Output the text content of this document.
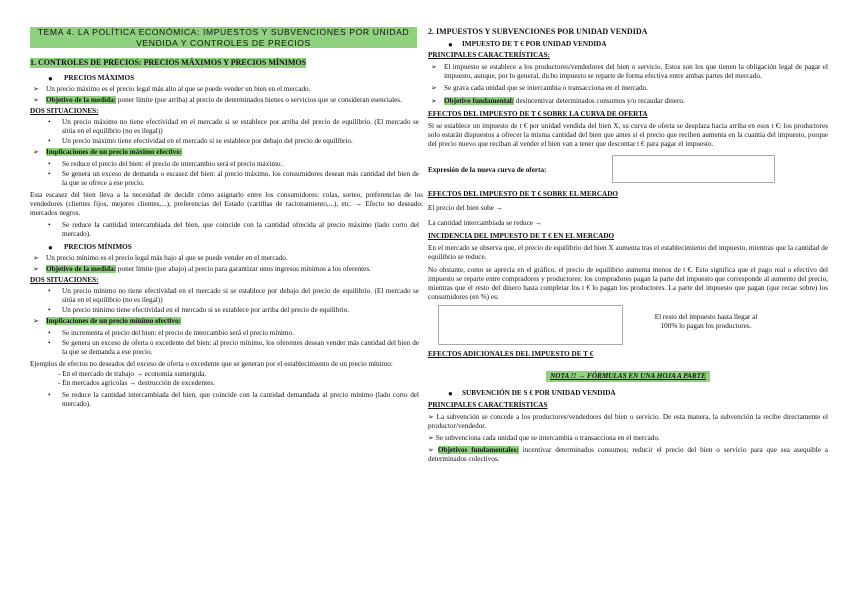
TEMA 4. LA POLÍTICA ECONÓMICA: IMPUESTOS Y SUBVENCIONES POR UNIDAD VENDIDA Y CONTROLES DE PRECIOS
1. CONTROLES DE PRECIOS: PRECIOS MÁXIMOS Y PRECIOS MÍNIMOS
● PRECIOS MÁXIMOS
➢ Un precio máximo es el precio legal más alto al que se puede vender un bien en el mercado.
➢ Objetivo de la medida: poner límite (por arriba) al precio de determinados bienes o servicios que se consideran esenciales.
DOS SITUACIONES:
• Un precio máximo no tiene efectividad en el mercado si se establece por arriba del precio de equilibrio. (El mercado se sitúa en el equilibrio (no es ilegal))
• Un precio máximo tiene efectividad en el mercado si se establece por debajo del precio de equilibrio.
➢ Implicaciones de un precio máximo efectivo:
• Se reduce el precio del bien: el precio de intercambio será el precio máximo.
• Se genera un exceso de demanda o escasez del bien: al precio máximo, los consumidores desean más cantidad del bien de la que se ofrece a ese precio.
Esta escasez del bien lleva a la necesidad de decidir cómo asignarlo entre los consumidores: colas, sorteo, preferencias de los vendedores (clientes fijos, mejores clientes,...), preferencias del Estado (cartillas de racionamiento,...), etc. → Efecto no deseado: mercados negros.
• Se reduce la cantidad intercambiada del bien, que coincide con la cantidad ofrecida al precio máximo (lado corto del mercado).
● PRECIOS MÍNIMOS
➢ Un precio mínimo es el precio legal más bajo al que se puede vender en el mercado.
➢ Objetivo de la medida: poner límite (por abajo) al precio para garantizar unos ingresos mínimos a los oferentes.
DOS SITUACIONES:
• Un precio mínimo no tiene efectividad en el mercado si se establece por debajo del precio de equilibrio. (El mercado se sitúa en el equilibrio (no es ilegal))
• Un precio mínimo tiene efectividad en el mercado si se establece por arriba del precio de equilibrio.
➢ Implicaciones de un precio mínimo efectivo:
• Se incrementa el precio del bien: el precio de intercambio será el precio mínimo.
• Se genera un exceso de oferta o excedente del bien: al precio mínimo, los oferentes desean vender más cantidad del bien de la que se demanda a ese precio.
Ejemplos de efectos no deseados del exceso de oferta o excedente que se generan por el establecimiento de un precio mínimo:
- En el mercado de trabajo → economía sumergida.
- En mercados agrícolas → destrucción de excedentes.
• Se reduce la cantidad intercambiada del bien, que coincide con la cantidad demandada al precio mínimo (lado corto del mercado).
2. IMPUESTOS Y SUBVENCIONES POR UNIDAD VENDIDA
● IMPUESTO DE T € POR UNIDAD VENDIDA
PRINCIPALES CARACTERÍSTICAS:
➢ El impuesto se establece a los productores/vendedores del bien o servicio. Estos son los que tienen la obligación legal de pagar el impuesto, aunque, por lo general, dicho impuesto se reparte de forma efectiva entre ambas partes del mercado.
➢ Se grava cada unidad que se intercambia o transacciona en el mercado.
➢ Objetivo fundamental: desincentivar determinados consumos y/o recaudar dinero.
EFECTOS DEL IMPUESTO DE T € SOBRE LA CURVA DE OFERTA
Si se establece un impuesto de t € por unidad vendida del bien X, su curva de oferta se desplaza hacia arriba en esos t €: los productores solo estarán dispuestos a ofrecer la misma cantidad del bien que antes si el precio que reciben aumenta en la cuantía del impuesto, porque del precio nuevo que reciban al vender el bien van a tener que descontar t € para pagar el impuesto.
Expresión de la nueva curva de oferta:
EFECTOS DEL IMPUESTO DE T € SOBRE EL MERCADO
El precio del bien sube →
La cantidad intercambiada se reduce →
INCIDENCIA DEL IMPUESTO DE T € EN EL MERCADO
En el mercado se observa que, el precio de equilibrio del bien X aumenta tras el establecimiento del impuesto, mientras que la cantidad de equilibrio se reduce.
No obstante, como se aprecia en el gráfico, el precio de equilibrio aumenta menos de t €. Esto significa que el pago real o efectivo del impuesto se reparte entre compradores y productores: los compradores pagan la parte del impuesto que corresponde al aumento del precio, mientras que el resto del dinero hasta completar los t € lo pagan los productores. La parte del impuesto que pagan (que recae sobre) los consumidores (en %) es:
El resto del impuesto hasta llegar al 100% lo pagan los productores.
EFECTOS ADICIONALES DEL IMPUESTO DE T €
NOTA !! → FÓRMULAS EN UNA HOJA A PARTE
● SUBVENCIÓN DE S € POR UNIDAD VENDIDA
PRINCIPALES CARACTERÍSTICAS
➢ La subvención se concede a los productores/vendedores del bien o servicio. De esta manera, la subvención la recibe directamente el productor/vendedor.
➢ Se subvenciona cada unidad que se intercambia o transacciona en el mercado.
➢ Objetivos fundamentales: incentivar determinados consumos; reducir el precio del bien o servicio para que sea asequible a determinados colectivos.
